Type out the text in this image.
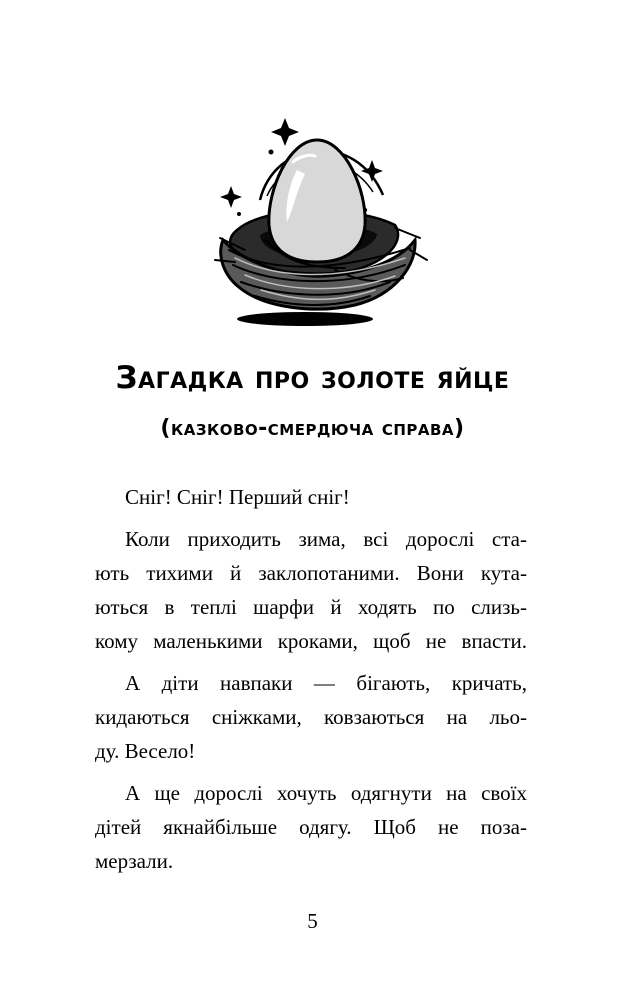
Загадка про золоте яйце
(казково-смердюча справа)
Сніг! Сніг! Перший сніг!
Коли приходить зима, всі дорослі ста-
ють тихими й заклопотаними. Вони кута-
ються в теплі шарфи й ходять по слизь-
кому маленькими кроками, щоб не впасти.
А діти навпаки — бігають, кричать,
кидаються сніжками, ковзаються на льо-
ду. Весело!
А ще дорослі хочуть одягнути на своїх
дітей якнайбільше одягу. Щоб не поза-
мерзали.
5
